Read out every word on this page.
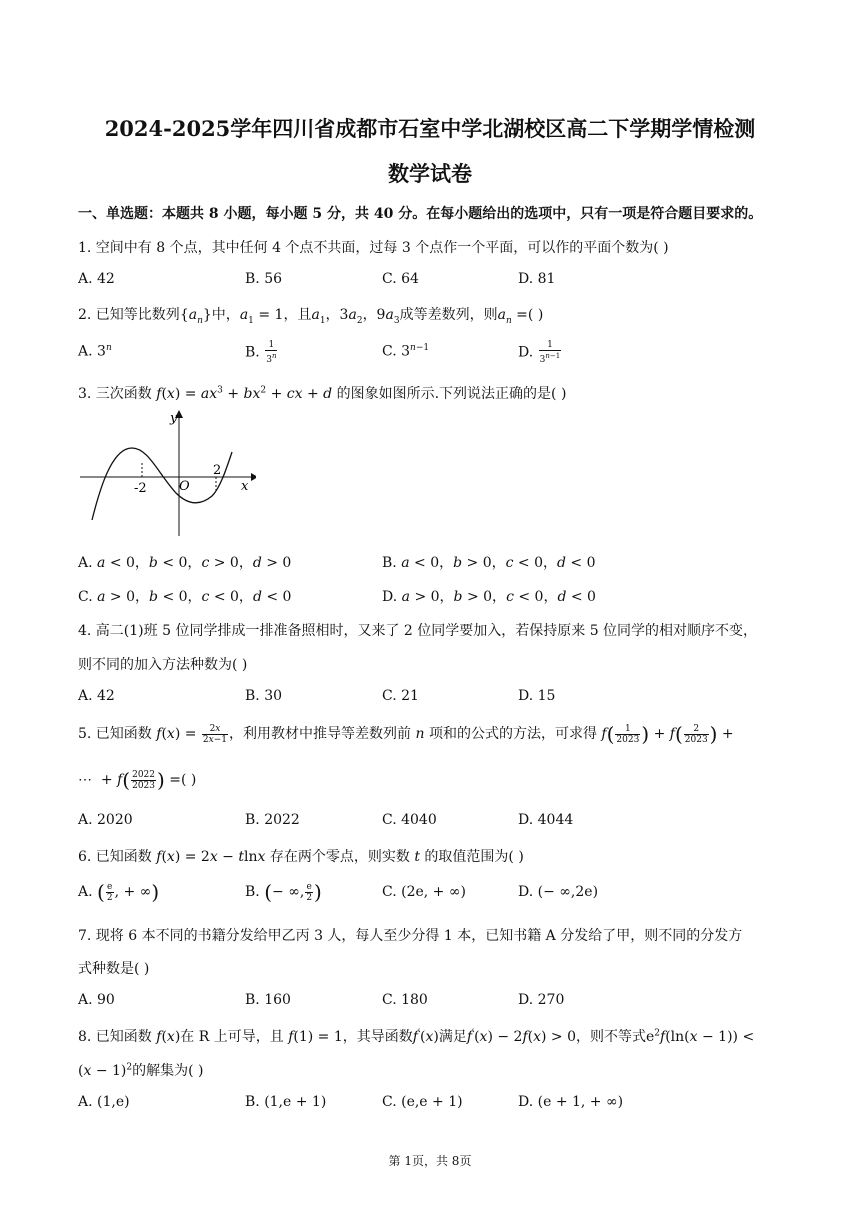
2024-2025学年四川省成都市石室中学北湖校区高二下学期学情检测
数学试卷
一、单选题：本题共 8 小题，每小题 5 分，共 40 分。在每小题给出的选项中，只有一项是符合题目要求的。
1. 空间中有 8 个点，其中任何 4 个点不共面，过每 3 个点作一个平面，可以作的平面个数为( )
A. 42	B. 56	C. 64	D. 81
2. 已知等比数列$\{a_n\}$中，$a_1 = 1$，且$a_1$，$3a_2$，$9a_3$成等差数列，则$a_n$ =( )
A. 3$^n$	B. $\frac{1}{3^n}$	C. $3^{n-1}$	D. $\frac{1}{3^{n-1}}$
3. 三次函数 $f(x) = ax^3 + bx^2$ + cx + d 的图象如图所示.下列说法正确的是( )
y
x
O
-2
2
A. a < 0，b < 0，c > 0，d > 0	B. a < 0，b > 0，c < 0，d < 0
C. a > 0，b < 0，c < 0，d < 0	D. a > 0，b > 0，c < 0，d < 0
4. 高二(1)班 5 位同学排成一排准备照相时，又来了 2 位同学要加入，若保持原来 5 位同学的相对顺序不变，
则不同的加入方法种数为( )
A. 42	B. 30	C. 21	D. 15
5. 已知函数 $f(x) = \frac{2x}{2x-1}$ ，利用教材中推导等差数列前 n 项和的公式的方法，可求得 $f( \frac{1}{2023}$ ) + $f( \frac{2}{2023}$ ) +
⋯  + $f( \frac{2022}{2023}$ ) =( )
A. 2020	B. 2022	C. 4040	D. 4044
6. 已知函数 f(x) = 2x − tlnx 存在两个零点，则实数 t 的取值范围为( )
A. ( $\frac{e}{2}$ , + ∞)	B. (− ∞, $\frac{e}{2}$ )	C. (2e, + ∞)	D. (− ∞,2e)
7. 现将 6 本不同的书籍分发给甲乙丙 3 人，每人至少分得 1 本，已知书籍 A 分发给了甲，则不同的分发方
式种数是( )
A. 90	B. 160	C. 180	D. 270
8. 已知函数 f(x)在 R 上可导，且 f(1) = 1，其导函数f′(x)满足f′(x) − 2f(x) > 0，则不等式$e^2f(\ln(x - 1))$ <
$(x - 1)^2$的解集为( )
A. (1,e)	B. (1,e + 1)	C. (e,e + 1)	D. (e + 1, + ∞)
第 1页，共 8页
